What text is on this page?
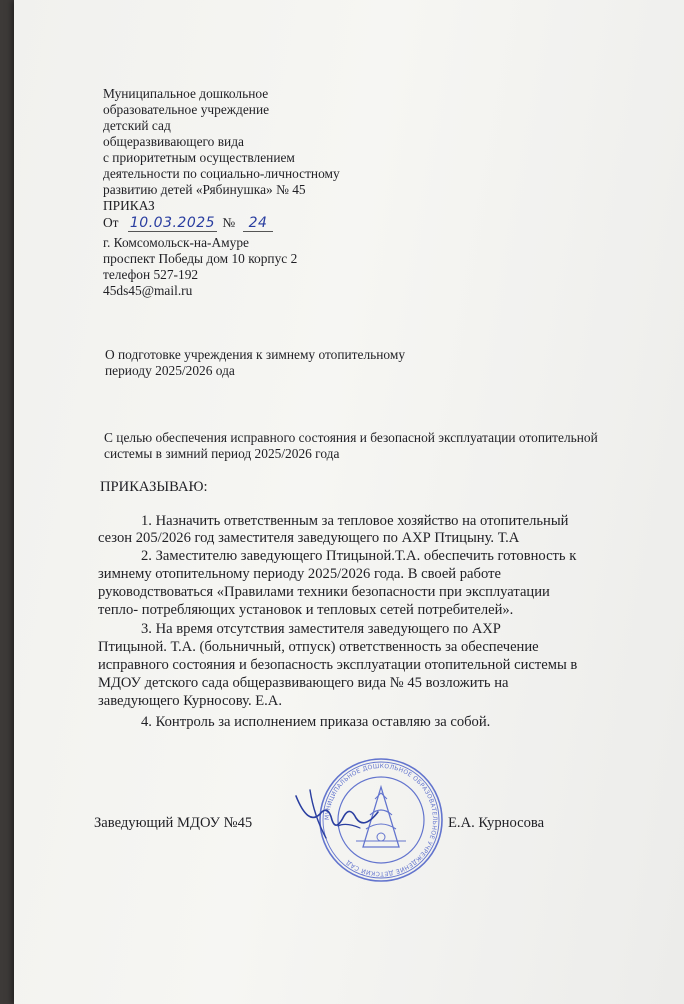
Муниципальное дошкольное
образовательное учреждение
детский сад
общеразвивающего вида
с приоритетным осуществлением
деятельности по социально-личностному
развитию детей «Рябинушка» № 45
ПРИКАЗ
От 10.03.2025 № 24
г. Комсомольск-на-Амуре
проспект Победы дом 10 корпус 2
телефон 527-192
45ds45@mail.ru
О подготовке учреждения к зимнему отопительному
периоду 2025/2026 ода
С целью обеспечения исправного состояния и безопасной эксплуатации отопительной
системы в зимний период 2025/2026 года
ПРИКАЗЫВАЮ:
1. Назначить ответственным за тепловое хозяйство на отопительный
сезон 205/2026 год заместителя заведующего по АХР Птицыну. Т.А
2. Заместителю заведующего Птицыной.Т.А. обеспечить готовность к
зимнему отопительному периоду 2025/2026 года. В своей работе
руководствоваться «Правилами техники безопасности при эксплуатации
тепло- потребляющих установок и тепловых сетей потребителей».
3. На время отсутствия заместителя заведующего по АХР
Птицыной. Т.А. (больничный, отпуск) ответственность за обеспечение
исправного состояния и безопасность эксплуатации отопительной системы в
МДОУ детского сада общеразвивающего вида № 45 возложить на
заведующего Курносову. Е.А.
4. Контроль за исполнением приказа оставляю за собой.
МУНИЦИПАЛЬНОЕ ДОШКОЛЬНОЕ ОБРАЗОВАТЕЛЬНОЕ УЧРЕЖДЕНИЕ ДЕТСКИЙ САД
Заведующий МДОУ №45	Е.А. Курносова
